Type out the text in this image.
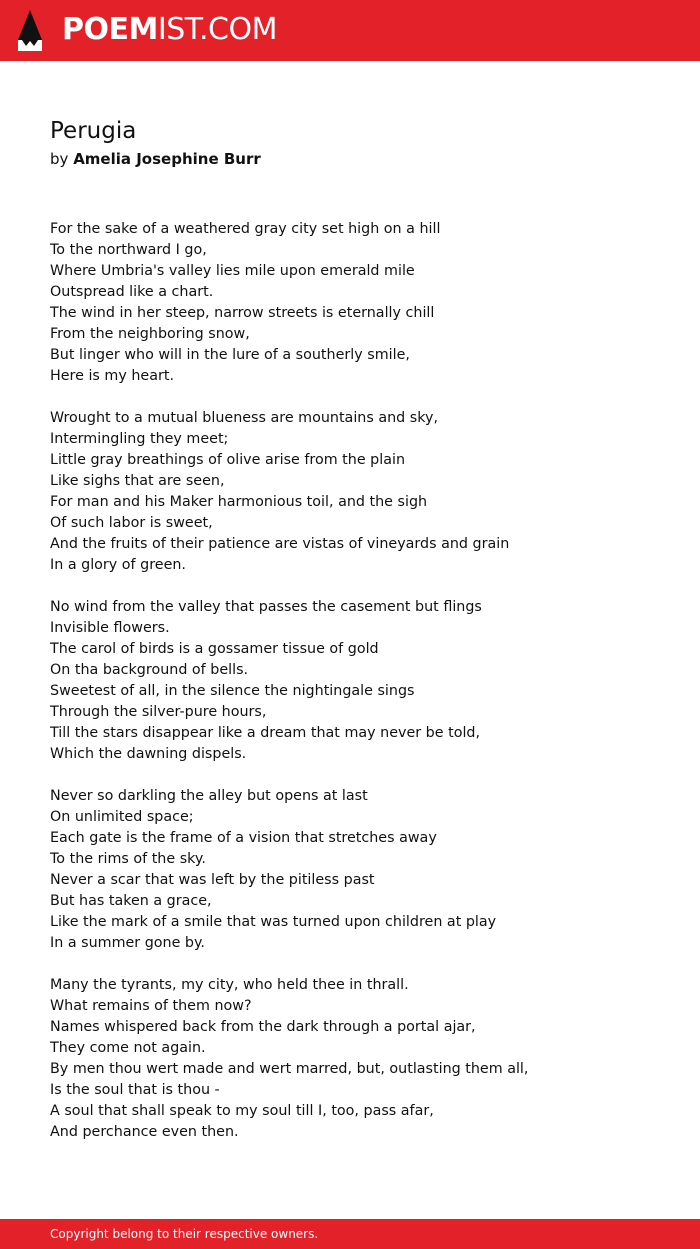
POEMIST.COM
Perugia
by Amelia Josephine Burr
For the sake of a weathered gray city set high on a hill
To the northward I go,
Where Umbria's valley lies mile upon emerald mile
Outspread like a chart.
The wind in her steep, narrow streets is eternally chill
From the neighboring snow,
But linger who will in the lure of a southerly smile,
Here is my heart.
Wrought to a mutual blueness are mountains and sky,
Intermingling they meet;
Little gray breathings of olive arise from the plain
Like sighs that are seen,
For man and his Maker harmonious toil, and the sigh
Of such labor is sweet,
And the fruits of their patience are vistas of vineyards and grain
In a glory of green.
No wind from the valley that passes the casement but flings
Invisible flowers.
The carol of birds is a gossamer tissue of gold
On tha background of bells.
Sweetest of all, in the silence the nightingale sings
Through the silver-pure hours,
Till the stars disappear like a dream that may never be told,
Which the dawning dispels.
Never so darkling the alley but opens at last
On unlimited space;
Each gate is the frame of a vision that stretches away
To the rims of the sky.
Never a scar that was left by the pitiless past
But has taken a grace,
Like the mark of a smile that was turned upon children at play
In a summer gone by.
Many the tyrants, my city, who held thee in thrall.
What remains of them now?
Names whispered back from the dark through a portal ajar,
They come not again.
By men thou wert made and wert marred, but, outlasting them all,
Is the soul that is thou -
A soul that shall speak to my soul till I, too, pass afar,
And perchance even then.
Copyright belong to their respective owners.
